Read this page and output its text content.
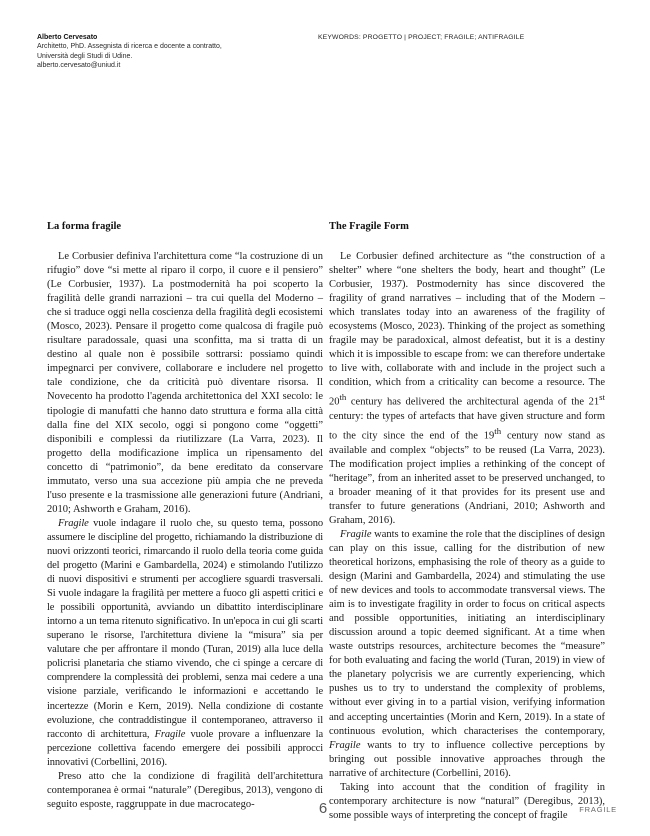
Alberto Cervesato
Architetto, PhD. Assegnista di ricerca e docente a contratto,
Università degli Studi di Udine.
alberto.cervesato@uniud.it
KEYWORDS: PROGETTO | PROJECT; FRAGILE; ANTIFRAGILE
La forma fragile

Le Corbusier definiva l'architettura come “la costruzione di un rifugio” dove “si mette al riparo il corpo, il cuore e il pensiero” (Le Corbusier, 1937). La postmodernità ha poi scoperto la fragilità delle grandi narrazioni – tra cui quella del Moderno – che si traduce oggi nella coscienza della fragilità degli ecosistemi (Mosco, 2023). Pensare il progetto come qualcosa di fragile può risultare paradossale, quasi una sconfitta, ma si tratta di un destino al quale non è possibile sottrarsi: possiamo quindi impegnarci per convivere, collaborare e includere nel progetto tale condizione, che da criticità può diventare risorsa. Il Novecento ha prodotto l'agenda architettonica del XXI secolo: le tipologie di manufatti che hanno dato struttura e forma alla città dalla fine del XIX secolo, oggi si pongono come “oggetti” disponibili e complessi da riutilizzare (La Varra, 2023). Il progetto della modificazione implica un ripensamento del concetto di “patrimonio”, da bene ereditato da conservare immutato, verso una sua accezione più ampia che ne preveda l'uso presente e la trasmissione alle generazioni future (Andriani, 2010; Ashworth e Graham, 2016).

Fragile vuole indagare il ruolo che, su questo tema, possono assumere le discipline del progetto, richiamando la distribuzione di nuovi orizzonti teorici, rimarcando il ruolo della teoria come guida del progetto (Marini e Gambardella, 2024) e stimolando l'utilizzo di nuovi dispositivi e strumenti per accogliere sguardi trasversali. Si vuole indagare la fragilità per mettere a fuoco gli aspetti critici e le possibili opportunità, avviando un dibattito interdisciplinare intorno a un tema ritenuto significativo. In un'epoca in cui gli scarti superano le risorse, l'architettura diviene la “misura” sia per valutare che per affrontare il mondo (Turan, 2019) alla luce della policrisi planetaria che stiamo vivendo, che ci spinge a cercare di comprendere la complessità dei problemi, senza mai cedere a una visione parziale, verificando le informazioni e accettando le incertezze (Morin e Kern, 2019). Nella condizione di costante evoluzione, che contraddistingue il contemporaneo, attraverso il racconto di architettura, Fragile vuole provare a influenzare la percezione collettiva facendo emergere dei possibili approcci innovativi (Corbellini, 2016).

Preso atto che la condizione di fragilità dell'architettura contemporanea è ormai “naturale” (Deregibus, 2013), vengono di seguito esposte, raggruppate in due macrocatego-

The Fragile Form

Le Corbusier defined architecture as “the construction of a shelter” where “one shelters the body, heart and thought” (Le Corbusier, 1937). Postmodernity has since discovered the fragility of grand narratives – including that of the Modern – which translates today into an awareness of the fragility of ecosystems (Mosco, 2023). Thinking of the project as something fragile may be paradoxical, almost defeatist, but it is a destiny which it is impossible to escape from: we can therefore undertake to live with, collaborate with and include in the project such a condition, which from a criticality can become a resource. The 20th century has delivered the architectural agenda of the 21st century: the types of artefacts that have given structure and form to the city since the end of the 19th century now stand as available and complex “objects” to be reused (La Varra, 2023). The modification project implies a rethinking of the concept of “heritage”, from an inherited asset to be preserved unchanged, to a broader meaning of it that provides for its present use and transfer to future generations (Andriani, 2010; Ashworth and Graham, 2016).

Fragile wants to examine the role that the disciplines of design can play on this issue, calling for the distribution of new theoretical horizons, emphasising the role of theory as a guide to design (Marini and Gambardella, 2024) and stimulating the use of new devices and tools to accommodate transversal views. The aim is to investigate fragility in order to focus on critical aspects and possible opportunities, initiating an interdisciplinary discussion around a topic deemed significant. At a time when waste outstrips resources, architecture becomes the “measure” for both evaluating and facing the world (Turan, 2019) in view of the planetary polycrisis we are currently experiencing, which pushes us to try to understand the complexity of problems, without ever giving in to a partial vision, verifying information and accepting uncertainties (Morin and Kern, 2019). In a state of continuous evolution, which characterises the contemporary, Fragile wants to try to influence collective perceptions by bringing out possible innovative approaches through the narrative of architecture (Corbellini, 2016).

Taking into account that the condition of fragility in contemporary architecture is now “natural” (Deregibus, 2013), some possible ways of interpreting the concept of fragile

6	FRAGILE
